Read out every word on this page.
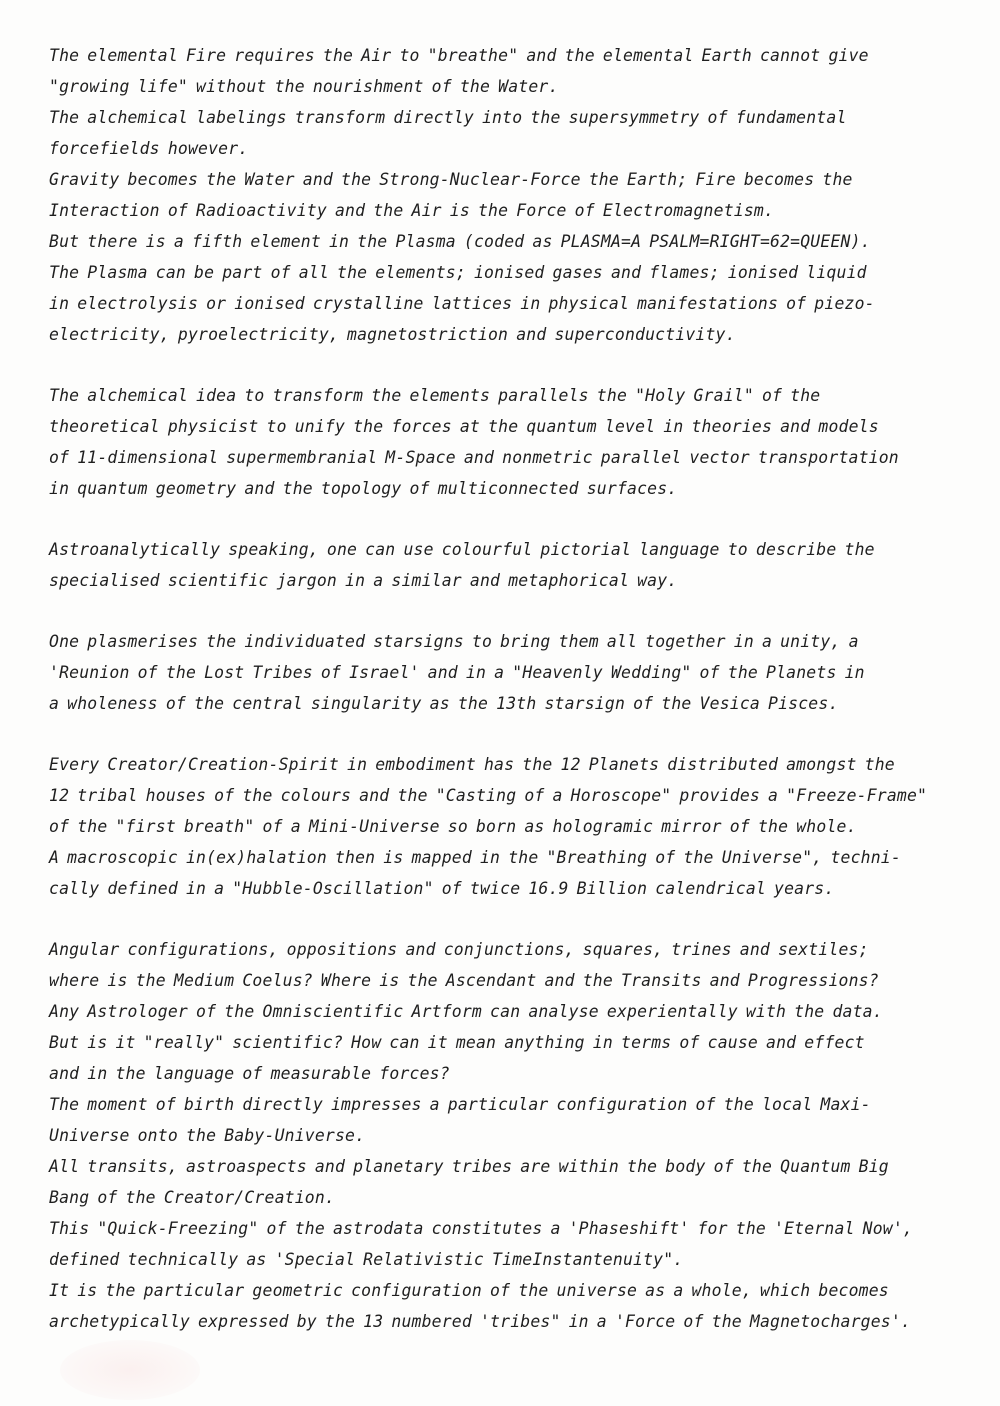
The elemental Fire requires the Air to "breathe" and the elemental Earth cannot give
"growing life" without the nourishment of the Water.
The alchemical labelings transform directly into the supersymmetry of fundamental
forcefields however.
Gravity becomes the Water and the Strong-Nuclear-Force the Earth; Fire becomes the
Interaction of Radioactivity and the Air is the Force of Electromagnetism.
But there is a fifth element in the Plasma (coded as PLASMA=A PSALM=RIGHT=62=QUEEN).
The Plasma can be part of all the elements; ionised gases and flames; ionised liquid
in electrolysis or ionised crystalline lattices in physical manifestations of piezo-
electricity, pyroelectricity, magnetostriction and superconductivity.
The alchemical idea to transform the elements parallels the "Holy Grail" of the
theoretical physicist to unify the forces at the quantum level in theories and models
of 11-dimensional supermembranial M-Space and nonmetric parallel vector transportation
in quantum geometry and the topology of multiconnected surfaces.
Astroanalytically speaking, one can use colourful pictorial language to describe the
specialised scientific jargon in a similar and metaphorical way.
One plasmerises the individuated starsigns to bring them all together in a unity, a
'Reunion of the Lost Tribes of Israel' and in a "Heavenly Wedding" of the Planets in
a wholeness of the central singularity as the 13th starsign of the Vesica Pisces.
Every Creator/Creation-Spirit in embodiment has the 12 Planets distributed amongst the
12 tribal houses of the colours and the "Casting of a Horoscope" provides a "Freeze-Frame"
of the "first breath" of a Mini-Universe so born as hologramic mirror of the whole.
A macroscopic in(ex)halation then is mapped in the "Breathing of the Universe", techni-
cally defined in a "Hubble-Oscillation" of twice 16.9 Billion calendrical years.
Angular configurations, oppositions and conjunctions, squares, trines and sextiles;
where is the Medium Coelus? Where is the Ascendant and the Transits and Progressions?
Any Astrologer of the Omniscientific Artform can analyse experientally with the data.
But is it "really" scientific? How can it mean anything in terms of cause and effect
and in the language of measurable forces?
The moment of birth directly impresses a particular configuration of the local Maxi-
Universe onto the Baby-Universe.
All transits, astroaspects and planetary tribes are within the body of the Quantum Big
Bang of the Creator/Creation.
This "Quick-Freezing" of the astrodata constitutes a 'Phaseshift' for the 'Eternal Now',
defined technically as 'Special Relativistic TimeInstantenuity".
It is the particular geometric configuration of the universe as a whole, which becomes
archetypically expressed by the 13 numbered 'tribes" in a 'Force of the Magnetocharges'.
